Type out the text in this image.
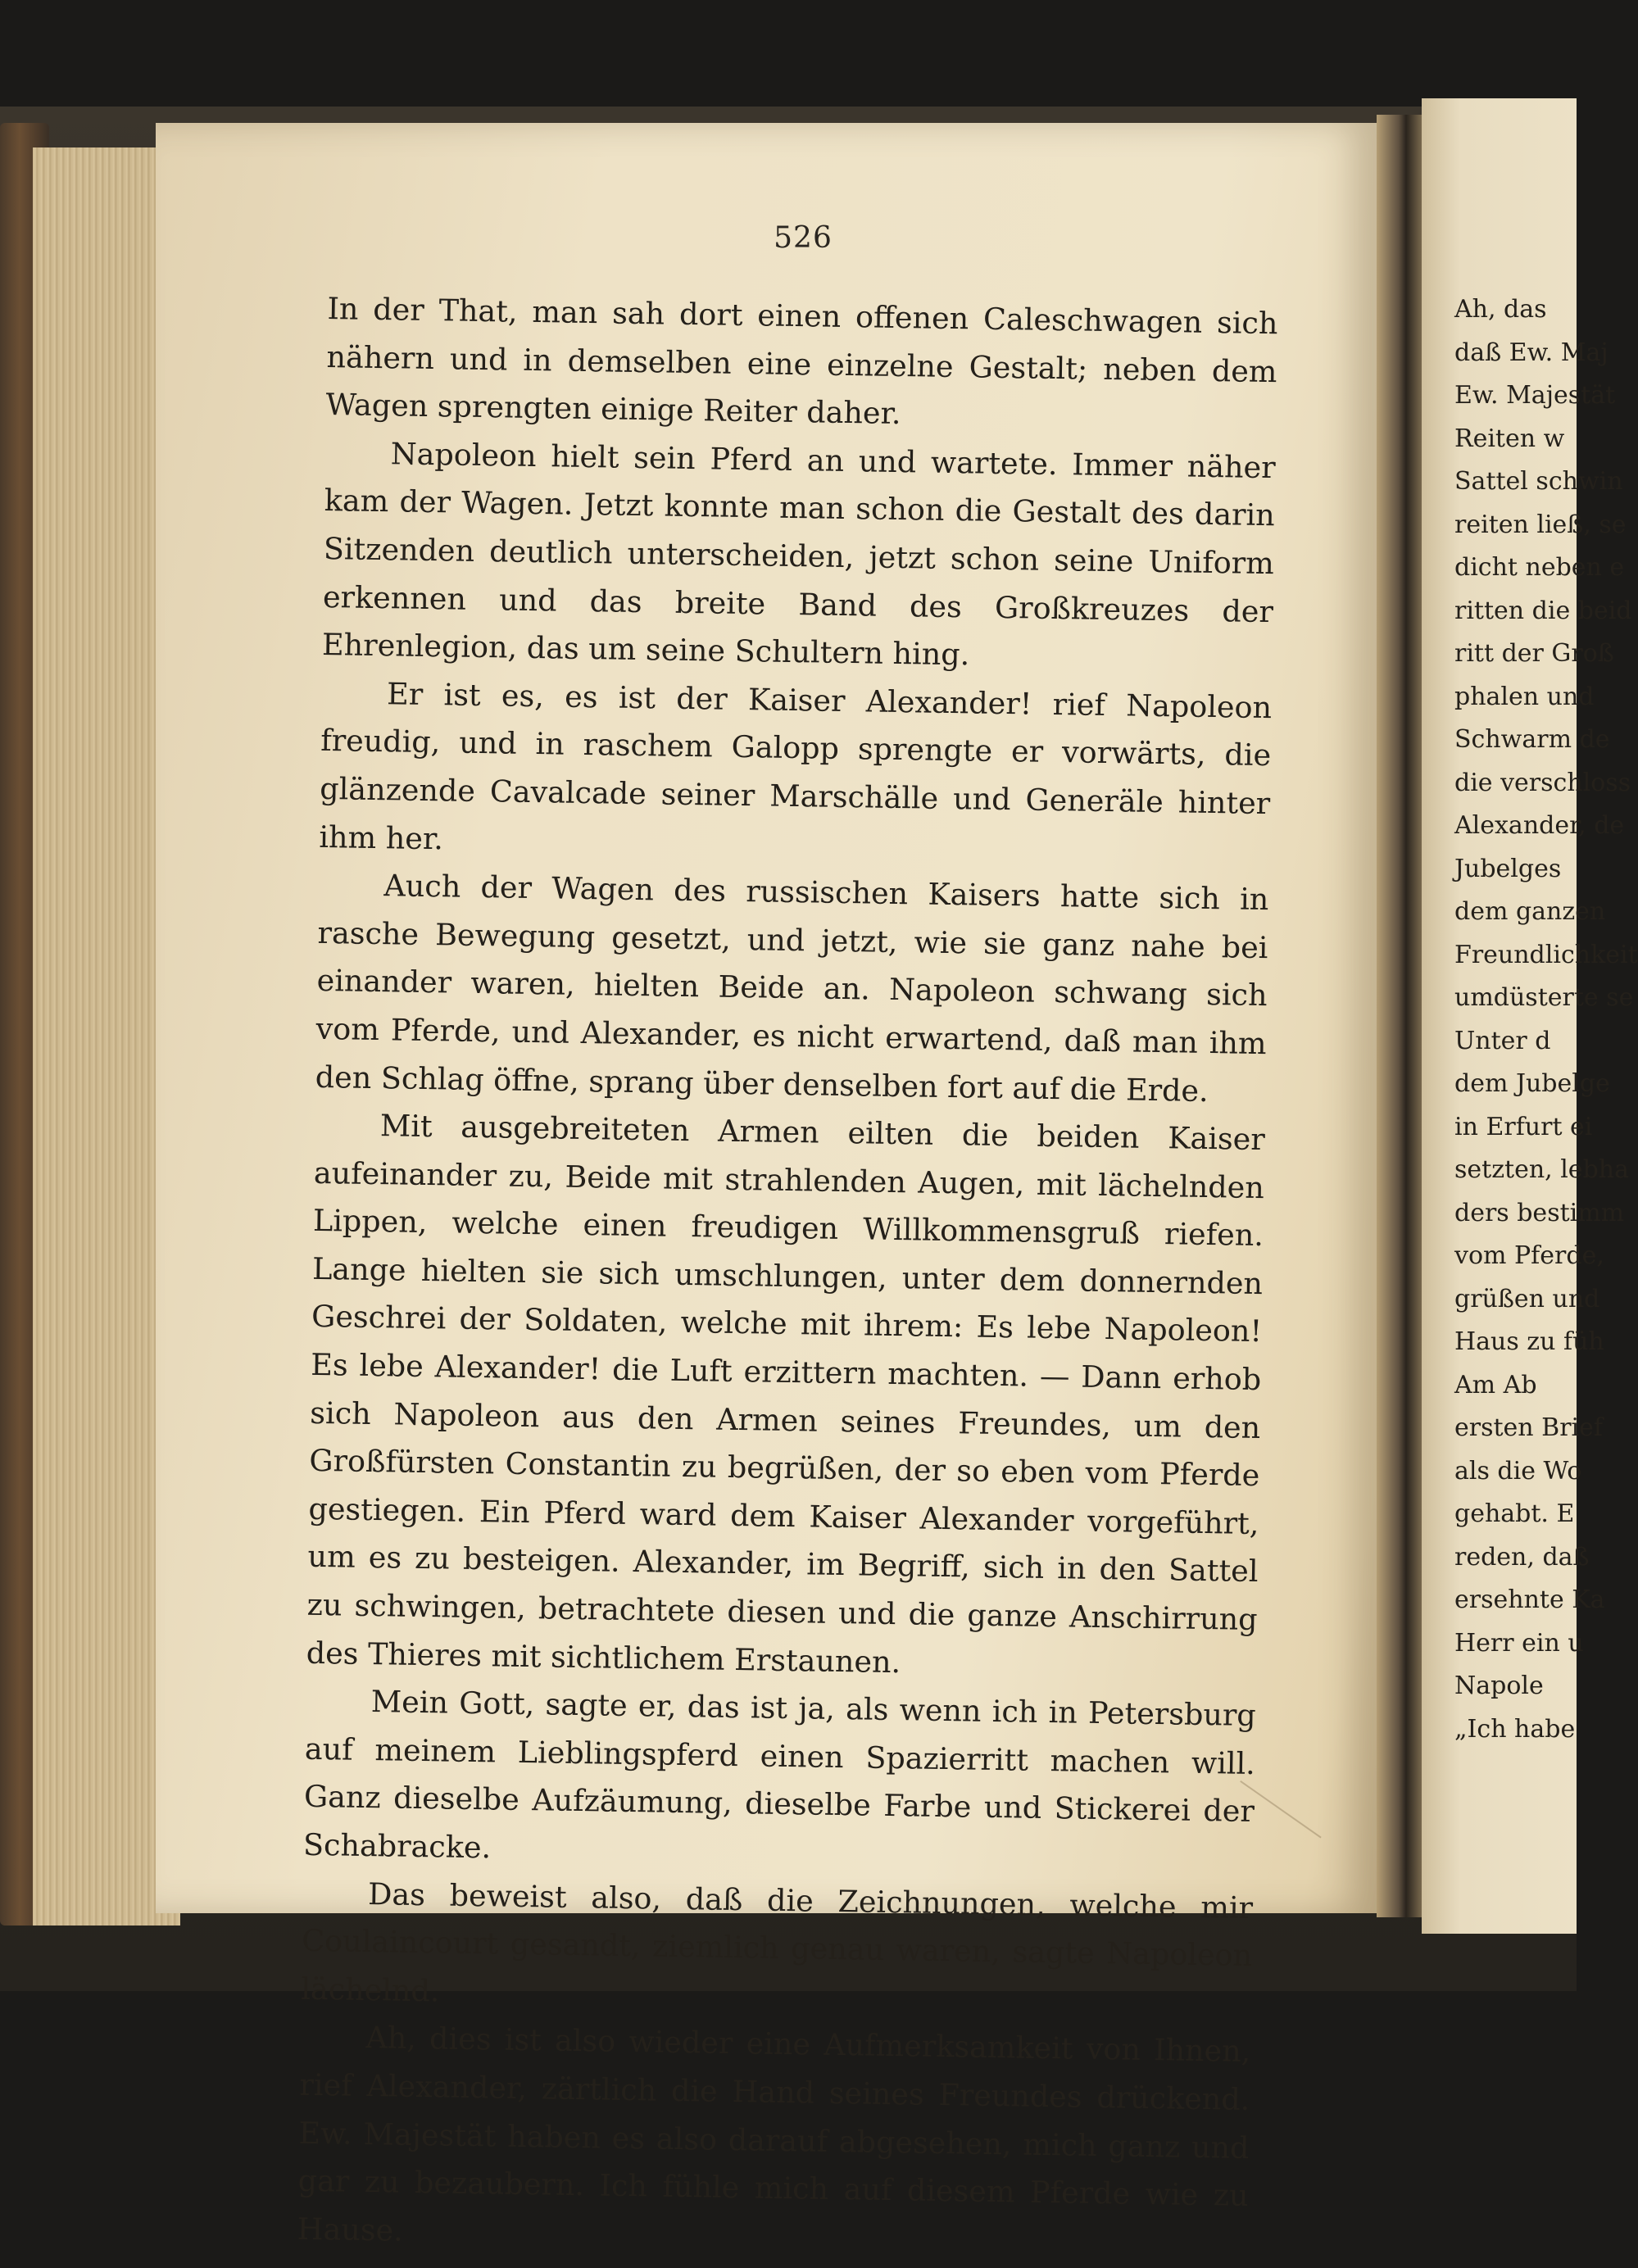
526

In der That, man sah dort einen offenen Caleschwagen sich nähern und in demselben eine einzelne Gestalt; neben dem Wagen sprengten einige Reiter daher.

Napoleon hielt sein Pferd an und wartete. Immer näher kam der Wagen. Jetzt konnte man schon die Gestalt des darin Sitzenden deutlich unterscheiden, jetzt schon seine Uniform erkennen und das breite Band des Großkreuzes der Ehrenlegion, das um seine Schultern hing.

Er ist es, es ist der Kaiser Alexander! rief Napoleon freudig, und in raschem Galopp sprengte er vorwärts, die glänzende Cavalcade seiner Marschälle und Generäle hinter ihm her.

Auch der Wagen des russischen Kaisers hatte sich in rasche Bewegung gesetzt, und jetzt, wie sie ganz nahe bei einander waren, hielten Beide an. Napoleon schwang sich vom Pferde, und Alexander, es nicht erwartend, daß man ihm den Schlag öffne, sprang über denselben fort auf die Erde.

Mit ausgebreiteten Armen eilten die beiden Kaiser aufeinander zu, Beide mit strahlenden Augen, mit lächelnden Lippen, welche einen freudigen Willkommensgruß riefen. Lange hielten sie sich umschlungen, unter dem donnernden Geschrei der Soldaten, welche mit ihrem: Es lebe Napoleon! Es lebe Alexander! die Luft erzittern machten. — Dann erhob sich Napoleon aus den Armen seines Freundes, um den Großfürsten Constantin zu begrüßen, der so eben vom Pferde gestiegen. Ein Pferd ward dem Kaiser Alexander vorgeführt, um es zu besteigen. Alexander, im Begriff, sich in den Sattel zu schwingen, betrachtete diesen und die ganze Anschirrung des Thieres mit sichtlichem Erstaunen.

Mein Gott, sagte er, das ist ja, als wenn ich in Petersburg auf meinem Lieblingspferd einen Spazierritt machen will. Ganz dieselbe Aufzäumung, dieselbe Farbe und Stickerei der Schabracke.

Das beweist also, daß die Zeichnungen, welche mir Coulaincourt gesandt, ziemlich genau waren, sagte Napoleon lächelnd.

Ah, dies ist also wieder eine Aufmerksamkeit von Ihnen, rief Alexander, zärtlich die Hand seines Freundes drückend. Ew. Majestät haben es also darauf abgesehen, mich ganz und gar zu bezaubern. Ich fühle mich auf diesem Pferde wie zu Hause.

Ah, das
daß Ew. Maj
Ew. Majestät
Reiten w
Sattel schwin
reiten ließ, se
dicht neben e
ritten die beid
ritt der Groß
phalen und
Schwarm de
die verschloss
Alexander, de
Jubelges
dem ganzen
Freundlichkeit
umdüsterte se
Unter d
dem Jubelge
in Erfurt ei
setzten, lebha
ders bestimm
vom Pferde,
grüßen und
Haus zu füh
Am Ab
ersten Brief
als die Wo
gehabt. E
reden, daß
ersehnte Ka
Herr ein u
Napole
„Ich habe
